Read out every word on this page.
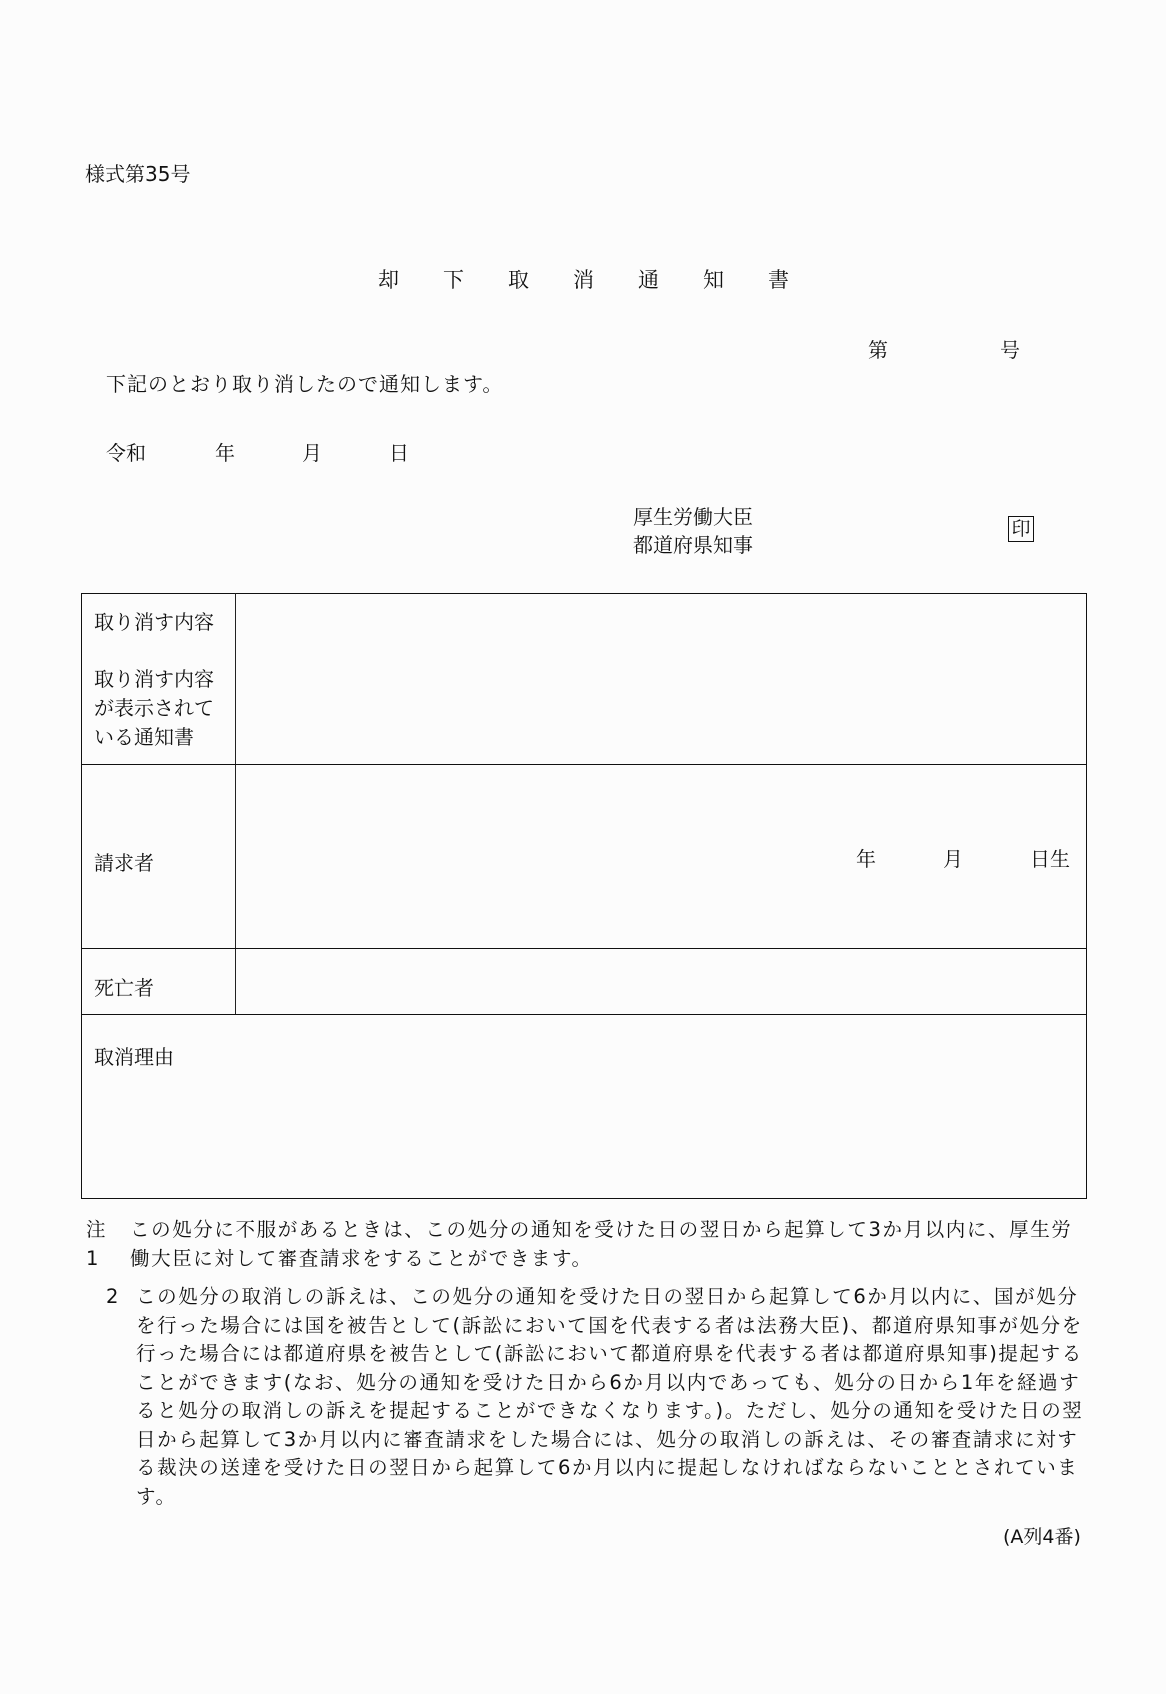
様式第35号
却	下	取	消	通	知	書
第	号
下記のとおり取り消したので通知します。
令和	年	月	日
厚生労働大臣
都道府県知事
印
取り消す内容
取り消す内容
が表示されて
いる通知書	

請求者	年 月 日生

死亡者	

取消理由	
注1
この処分に不服があるときは、この処分の通知を受けた日の翌日から起算して3か月以内に、厚生労働大臣に対して審査請求をすることができます。
2 この処分の取消しの訴えは、この処分の通知を受けた日の翌日から起算して6か月以内に、国が処分を行った場合には国を被告として(訴訟において国を代表する者は法務大臣)、都道府県知事が処分を行った場合には都道府県を被告として(訴訟において都道府県を代表する者は都道府県知事)提起することができます(なお、処分の通知を受けた日から6か月以内であっても、処分の日から1年を経過すると処分の取消しの訴えを提起することができなくなります。)。ただし、処分の通知を受けた日の翌日から起算して3か月以内に審査請求をした場合には、処分の取消しの訴えは、その審査請求に対する裁決の送達を受けた日の翌日から起算して6か月以内に提起しなければならないこととされています。
(A列4番)
